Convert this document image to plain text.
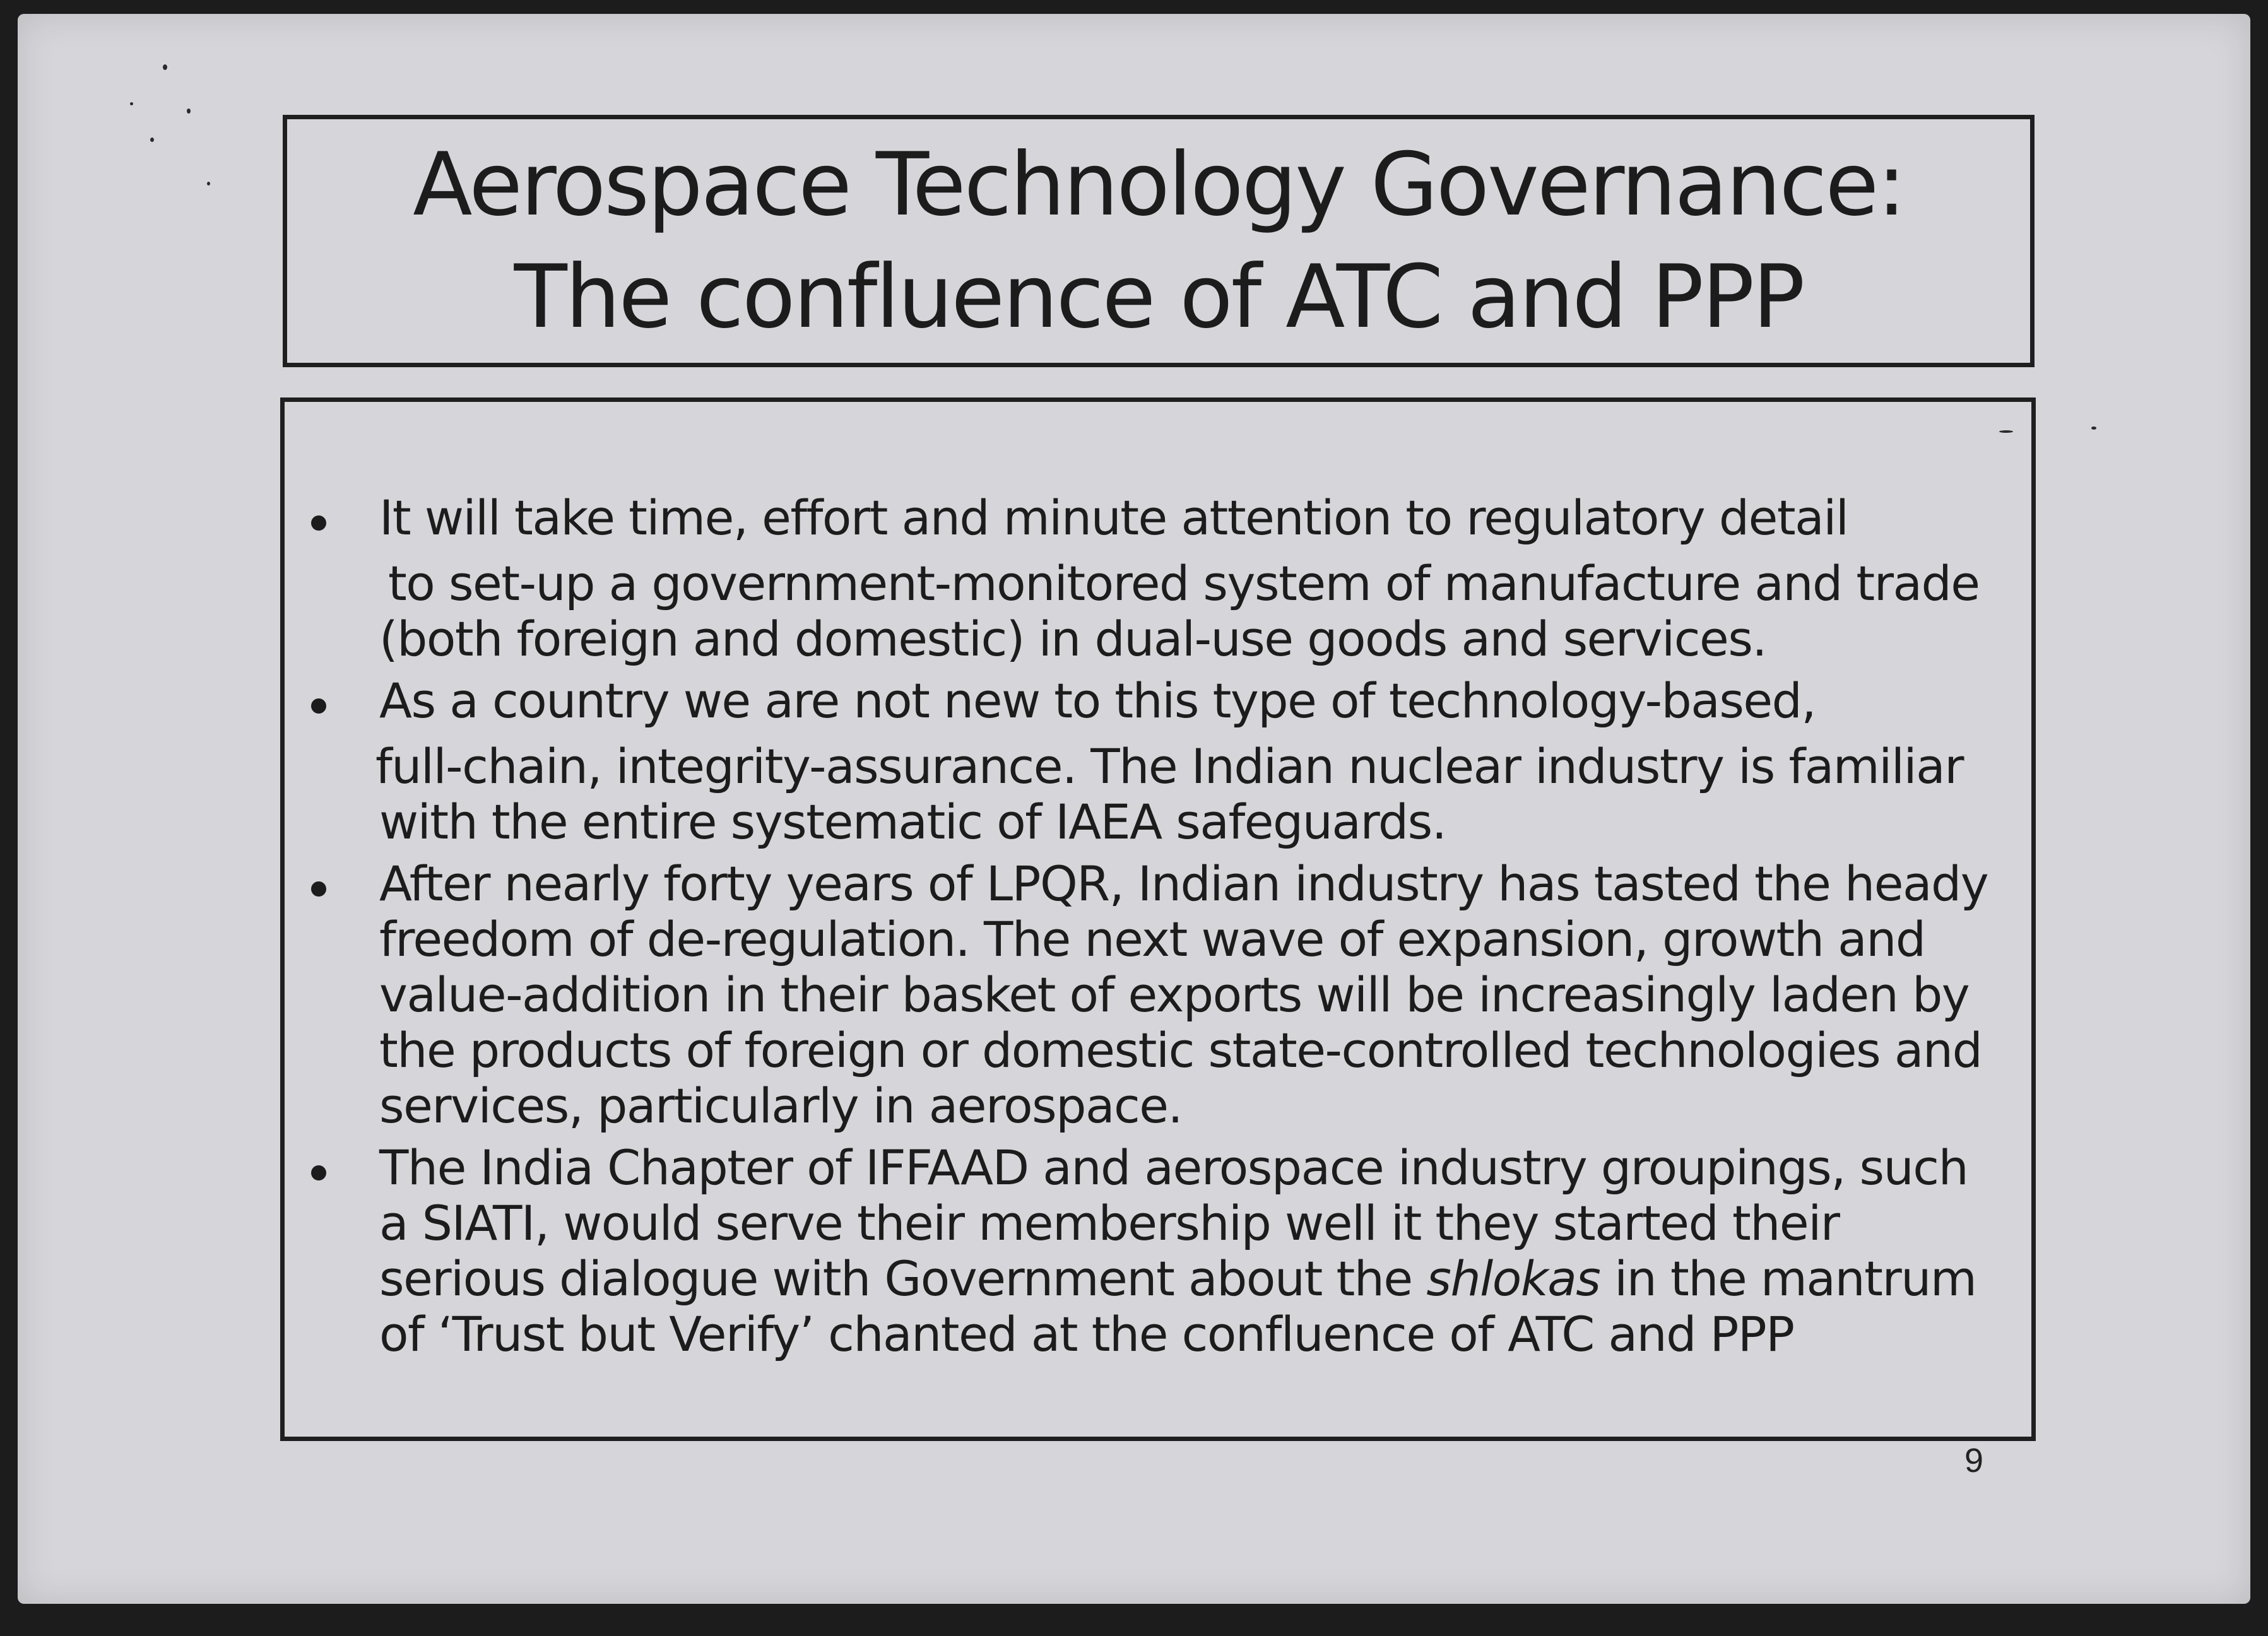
Aerospace Technology Governance:
The confluence of ATC and PPP
It will take time, effort and minute attention to regulatory detail
to set-up a government-monitored system of manufacture and trade
(both foreign and domestic) in dual-use goods and services.
As a country we are not new to this type of technology-based,
full-chain, integrity-assurance. The Indian nuclear industry is familiar
with the entire systematic of IAEA safeguards.
After nearly forty years of LPQR, Indian industry has tasted the heady
freedom of de-regulation. The next wave of expansion, growth and
value-addition in their basket of exports will be increasingly laden by
the products of foreign or domestic state-controlled technologies and
services, particularly in aerospace.
The India Chapter of IFFAAD and aerospace industry groupings, such
a SIATI, would serve their membership well it they started their
serious dialogue with Government about the shlokas in the mantrum
of ‘Trust but Verify’ chanted at the confluence of ATC and PPP
9
